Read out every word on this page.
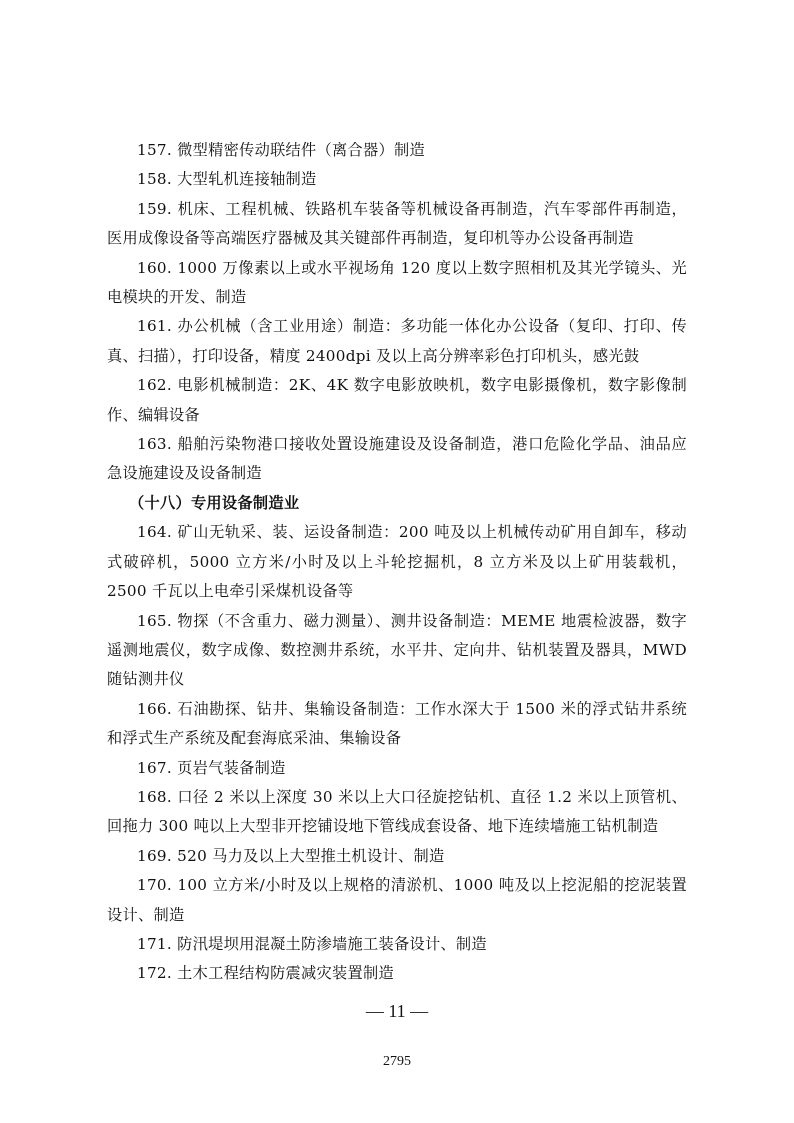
157. 微型精密传动联结件（离合器）制造

158. 大型轧机连接轴制造

159. 机床、工程机械、铁路机车装备等机械设备再制造，汽车零部件再制造，医用成像设备等高端医疗器械及其关键部件再制造，复印机等办公设备再制造

160. 1000 万像素以上或水平视场角 120 度以上数字照相机及其光学镜头、光电模块的开发、制造

161. 办公机械（含工业用途）制造：多功能一体化办公设备（复印、打印、传真、扫描），打印设备，精度 2400dpi 及以上高分辨率彩色打印机头，感光鼓

162. 电影机械制造：2K、4K 数字电影放映机，数字电影摄像机，数字影像制作、编辑设备

163. 船舶污染物港口接收处置设施建设及设备制造，港口危险化学品、油品应急设施建设及设备制造

（十八）专用设备制造业

164. 矿山无轨采、装、运设备制造：200 吨及以上机械传动矿用自卸车，移动式破碎机，5000 立方米/小时及以上斗轮挖掘机，8 立方米及以上矿用装载机，2500 千瓦以上电牵引采煤机设备等

165. 物探（不含重力、磁力测量）、测井设备制造：MEME 地震检波器，数字遥测地震仪，数字成像、数控测井系统，水平井、定向井、钻机装置及器具，MWD 随钻测井仪

166. 石油勘探、钻井、集输设备制造：工作水深大于 1500 米的浮式钻井系统和浮式生产系统及配套海底采油、集输设备

167. 页岩气装备制造

168. 口径 2 米以上深度 30 米以上大口径旋挖钻机、直径 1.2 米以上顶管机、回拖力 300 吨以上大型非开挖铺设地下管线成套设备、地下连续墙施工钻机制造

169. 520 马力及以上大型推土机设计、制造

170. 100 立方米/小时及以上规格的清淤机、1000 吨及以上挖泥船的挖泥装置设计、制造

171. 防汛堤坝用混凝土防渗墙施工装备设计、制造

172. 土木工程结构防震减灾装置制造

— 11 —
2795
